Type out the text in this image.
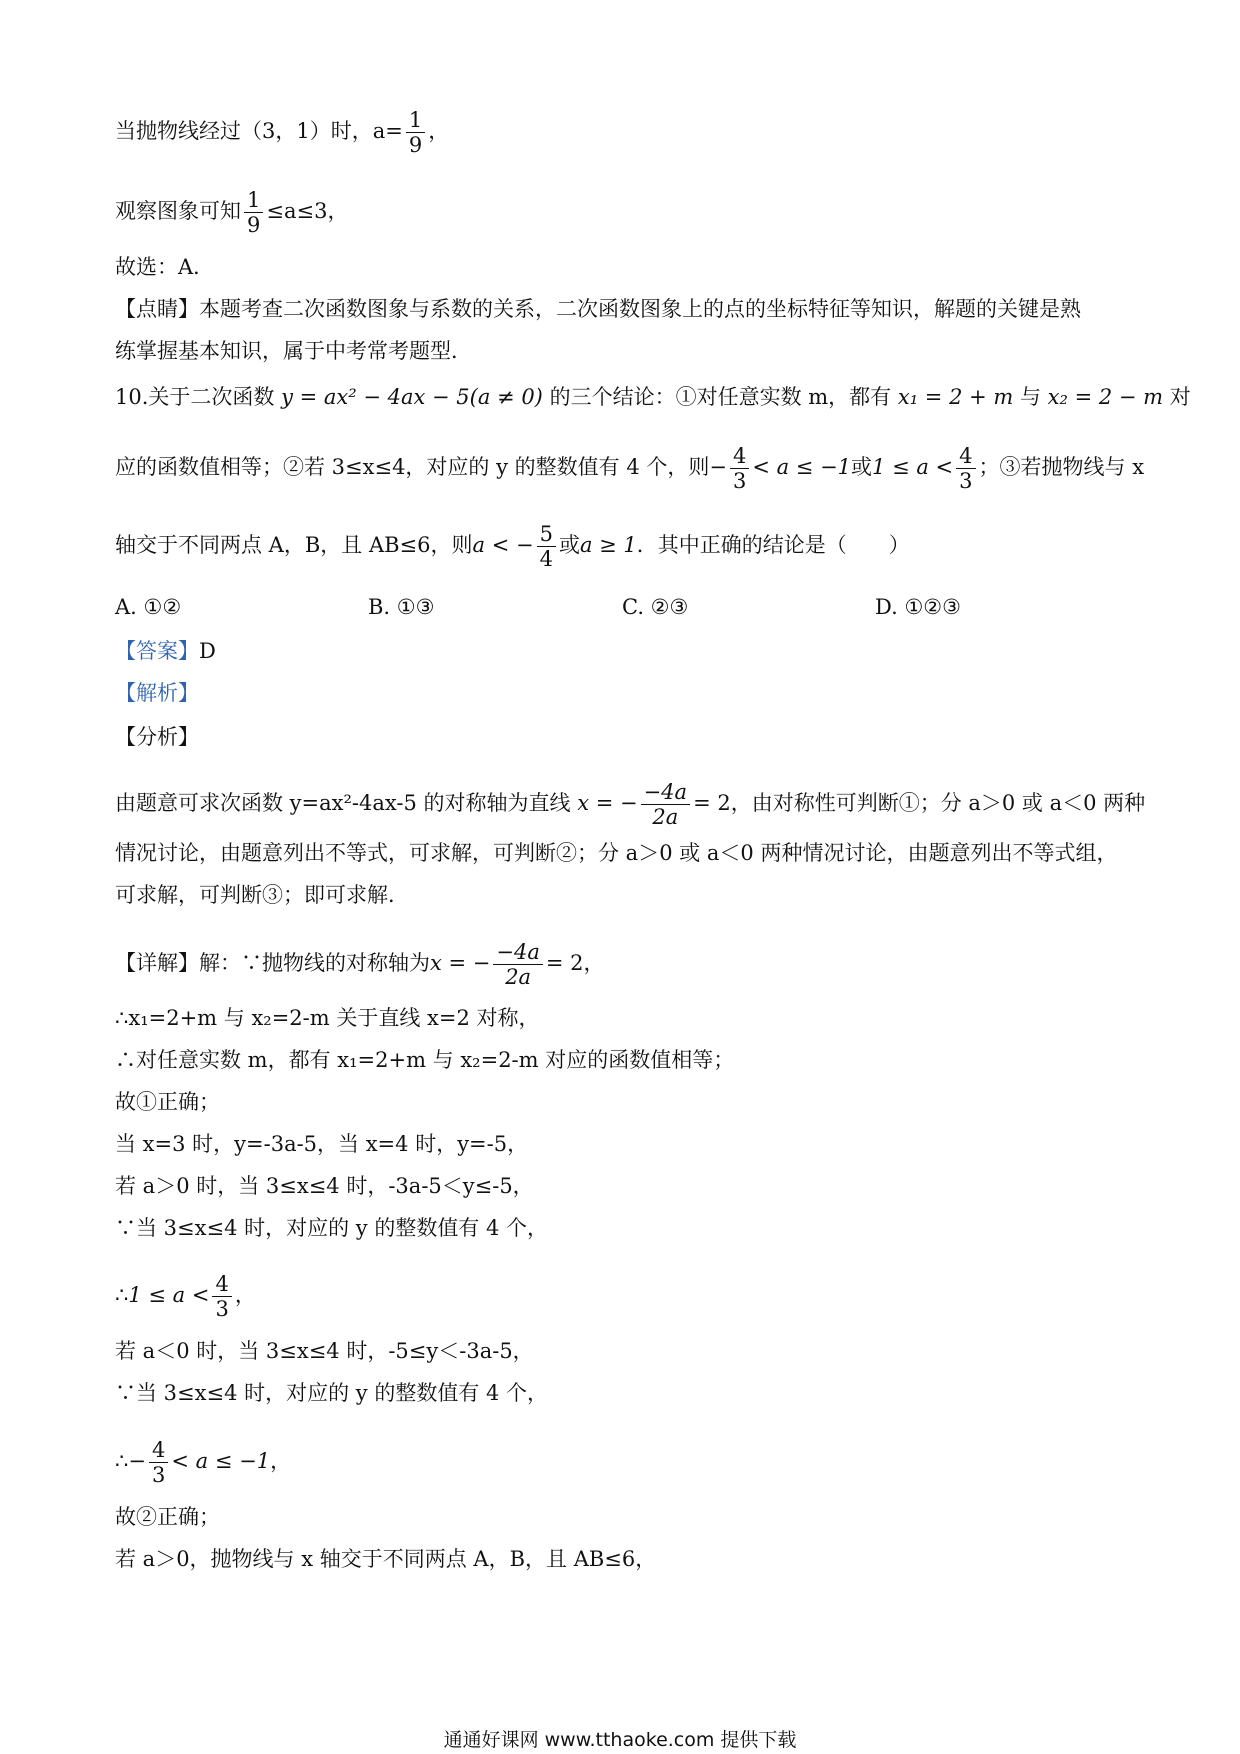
当抛物线经过（3，1）时，$a= \frac{1}{9}$ ，
观察图象可知 $\frac{1}{9} \le a\le 3$，
故选：A．
【点睛】本题考查二次函数图象与系数的关系，二次函数图象上的点的坐标特征等知识，解题的关键是熟
练掌握基本知识，属于中考常考题型．
10.关于二次函数 y = ax² − 4ax − 5(a ≠ 0) 的三个结论：①对任意实数 m，都有 x₁ = 2 + m 与 x₂ = 2 − m 对
应的函数值相等；②若 3≤x≤4，对应的 y 的整数值有 4 个，则− $\frac{4}{3} < a \le -1$或$1 \le a < \frac{4}{3}$ ；③若抛物线与 x
轴交于不同两点 A，B，且 AB≤6，则a < − $\frac{5}{4}$ 或a ≥ 1．其中正确的结论是（　　）
A. ①②	B. ①③	C. ②③	D. ①②③
【答案】D
【解析】
【分析】
由题意可求次函数 y=ax²-4ax-5 的对称轴为直线 x = − $\frac{-4a}{2a} = 2$，由对称性可判断①；分 a＞0 或 a＜0 两种
情况讨论，由题意列出不等式，可求解，可判断②；分 a＞0 或 a＜0 两种情况讨论，由题意列出不等式组，
可求解，可判断③；即可求解．
【详解】解：∵抛物线的对称轴为x = − $\frac{-4a}{2a} = 2$，
∴x₁=2+m 与 x₂=2-m 关于直线 x=2 对称，
∴对任意实数 m，都有 x₁=2+m 与 x₂=2-m 对应的函数值相等；
故①正确；
当 x=3 时，y=-3a-5，当 x=4 时，y=-5，
若 a＞0 时，当 3≤x≤4 时，-3a-5＜y≤-5，
∵当 3≤x≤4 时，对应的 y 的整数值有 4 个，
∴1 ≤ $a < \frac{4}{3}$ ，
若 a＜0 时，当 3≤x≤4 时，-5≤y＜-3a-5，
∵当 3≤x≤4 时，对应的 y 的整数值有 4 个，
∴− $\frac{4}{3} < a \le -1$，
故②正确；
若 a＞0，抛物线与 x 轴交于不同两点 A，B，且 AB≤6，
通通好课网 www.tthaoke.com 提供下载
